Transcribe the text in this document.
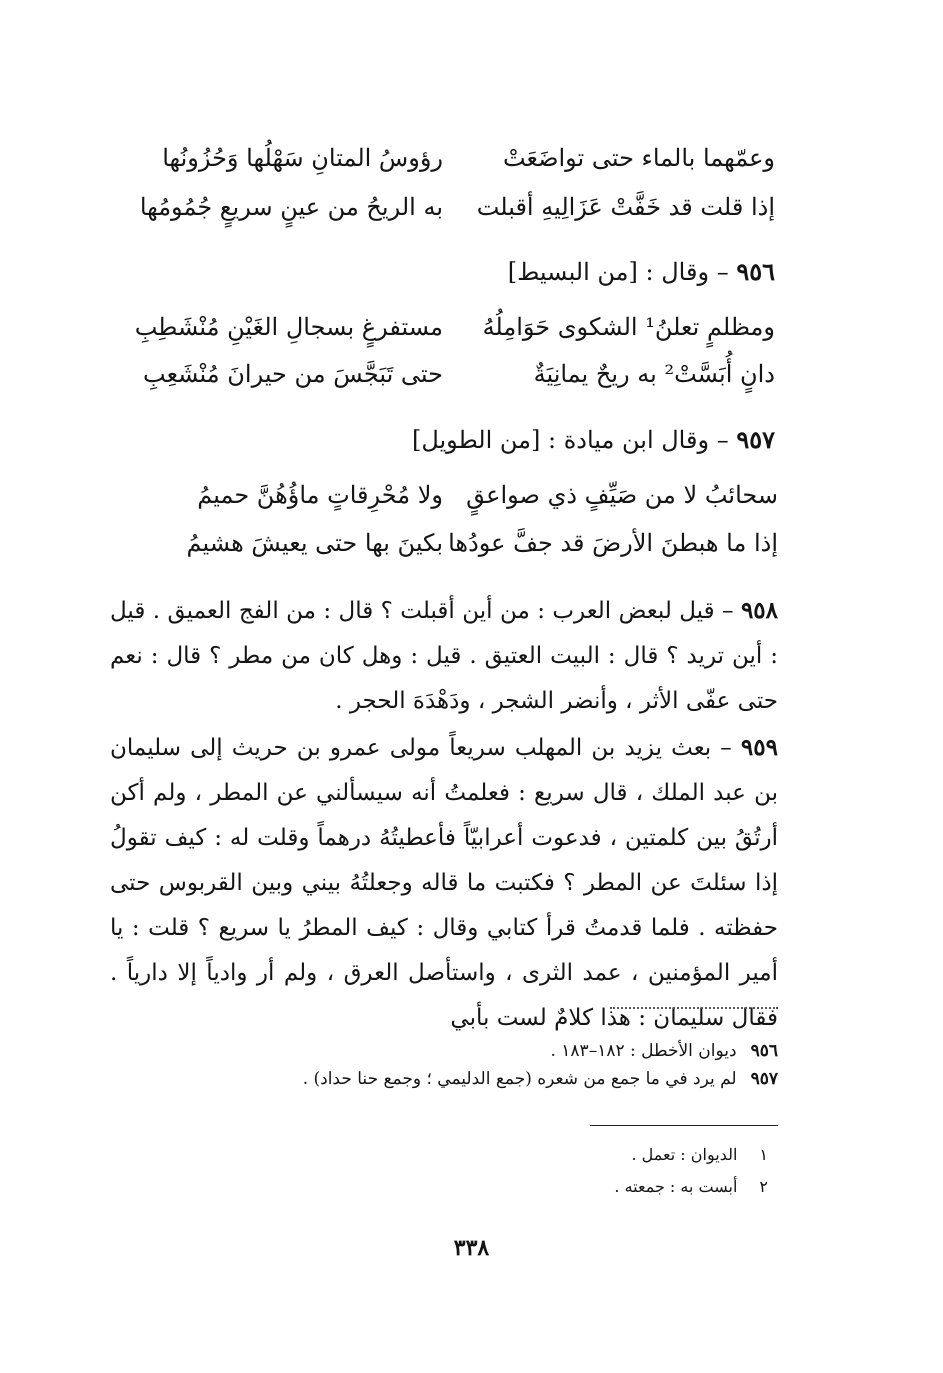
وعمّهما بالماء حتى تواضَعَتْ
رؤوسُ المتانِ سَهْلُها وَحُزُونُها
إذا قلت قد خَفَّتْ عَزَالِيهِ أقبلت
به الريحُ من عينٍ سريعٍ جُمُومُها
٩٥٦ – وقال : [من البسيط]
ومظلمٍ تعلنُ¹ الشكوى حَوَامِلُهُ
مستفرغٍ بسجالِ الغَيْنِ مُنْشَطِبِ
دانٍ أُبَسَّتْ² به ريحٌ يمانِيَةٌ
حتى تَبَجَّسَ من حيرانَ مُنْشَعِبِ
٩٥٧ – وقال ابن ميادة : [من الطويل]
سحائبُ لا من صَيِّفٍ ذي صواعقٍ
ولا مُحْرِقاتٍ ماؤُهُنَّ حميمُ
إذا ما هبطنَ الأرضَ قد جفَّ عودُها
بكينَ بها حتى يعيشَ هشيمُ
٩٥٨ – قيل لبعض العرب : من أين أقبلت ؟ قال : من الفج العميق . قيل : أين تريد ؟ قال : البيت العتيق . قيل : وهل كان من مطر ؟ قال : نعم حتى عفّى الأثر ، وأنضر الشجر ، ودَهْدَهَ الحجر .
٩٥٩ – بعث يزيد بن المهلب سريعاً مولى عمرو بن حريث إلى سليمان بن عبد الملك ، قال سريع : فعلمتُ أنه سيسألني عن المطر ، ولم أكن أرتُقُ بين كلمتين ، فدعوت أعرابيّاً فأعطيتُهُ درهماً وقلت له : كيف تقولُ إذا سئلتَ عن المطر ؟ فكتبت ما قاله وجعلتُهُ بيني وبين القربوس حتى حفظته . فلما قدمتُ قرأ كتابي وقال : كيف المطرُ يا سريع ؟ قلت : يا أمير المؤمنين ، عمد الثرى ، واستأصل العرق ، ولم أر وادياً إلا دارياً . فقال سليمان : هذا كلامٌ لست بأبي
٩٥٦ديوان الأخطل : ١٨٢–١٨٣ .
٩٥٧لم يرد في ما جمع من شعره (جمع الدليمي ؛ وجمع حنا حداد) .
١الديوان : تعمل .
٢أبست به : جمعته .
٣٣٨
